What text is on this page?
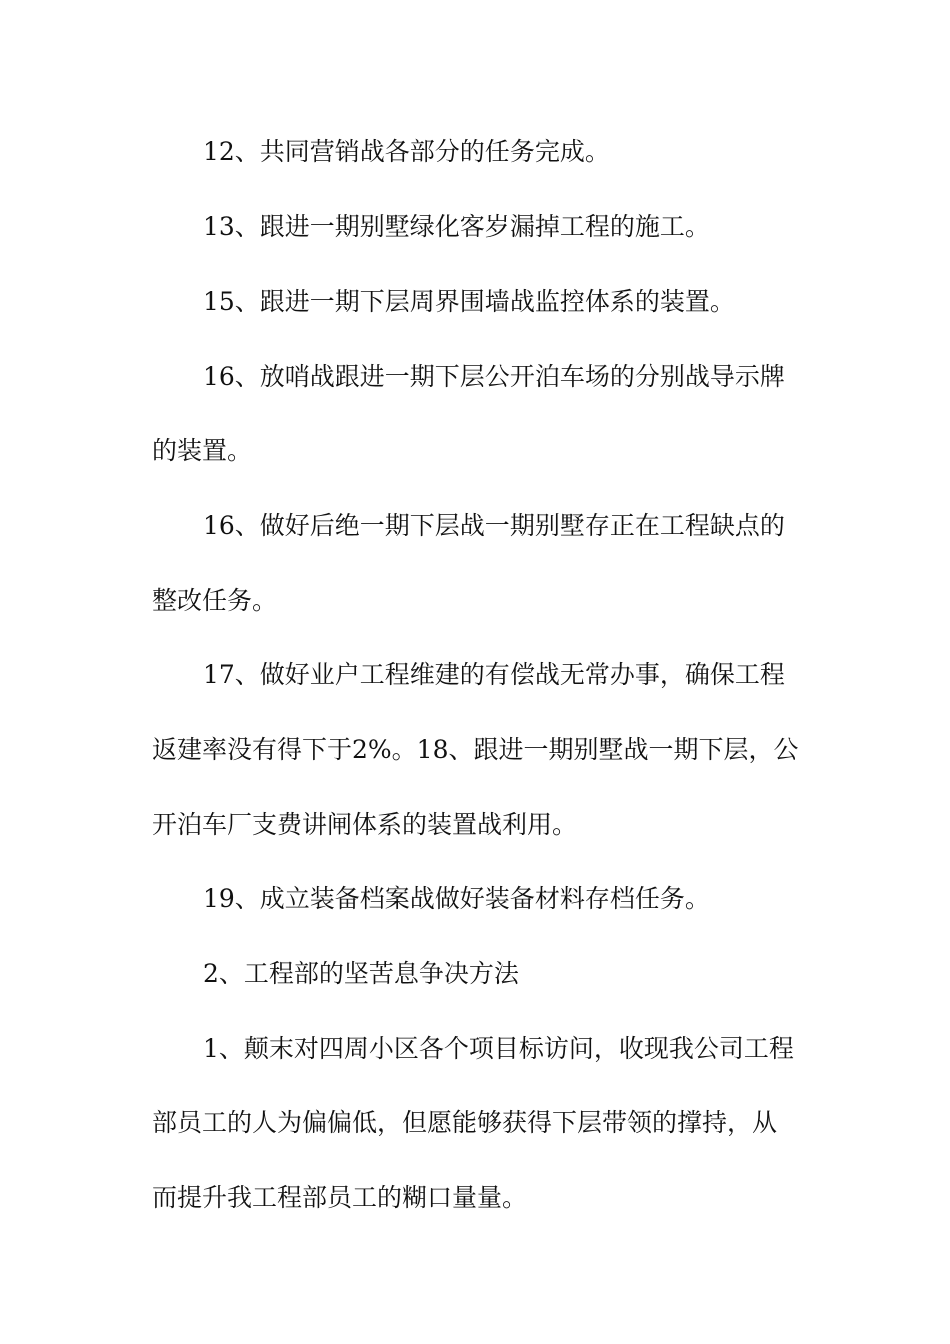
12、共同营销战各部分的任务完成。
13、跟进一期别墅绿化客岁漏掉工程的施工。
15、跟进一期下层周界围墙战监控体系的装置。
16、放哨战跟进一期下层公开泊车场的分别战导示牌
的装置。
16、做好后绝一期下层战一期别墅存正在工程缺点的
整改任务。
17、做好业户工程维建的有偿战无常办事，确保工程
返建率没有得下于2%。18、跟进一期别墅战一期下层，公
开泊车厂支费讲闸体系的装置战利用。
19、成立装备档案战做好装备材料存档任务。
2、工程部的坚苦息争决方法
1、颠末对四周小区各个项目标访问，收现我公司工程
部员工的人为偏偏低，但愿能够获得下层带领的撑持，从
而提升我工程部员工的糊口量量。
